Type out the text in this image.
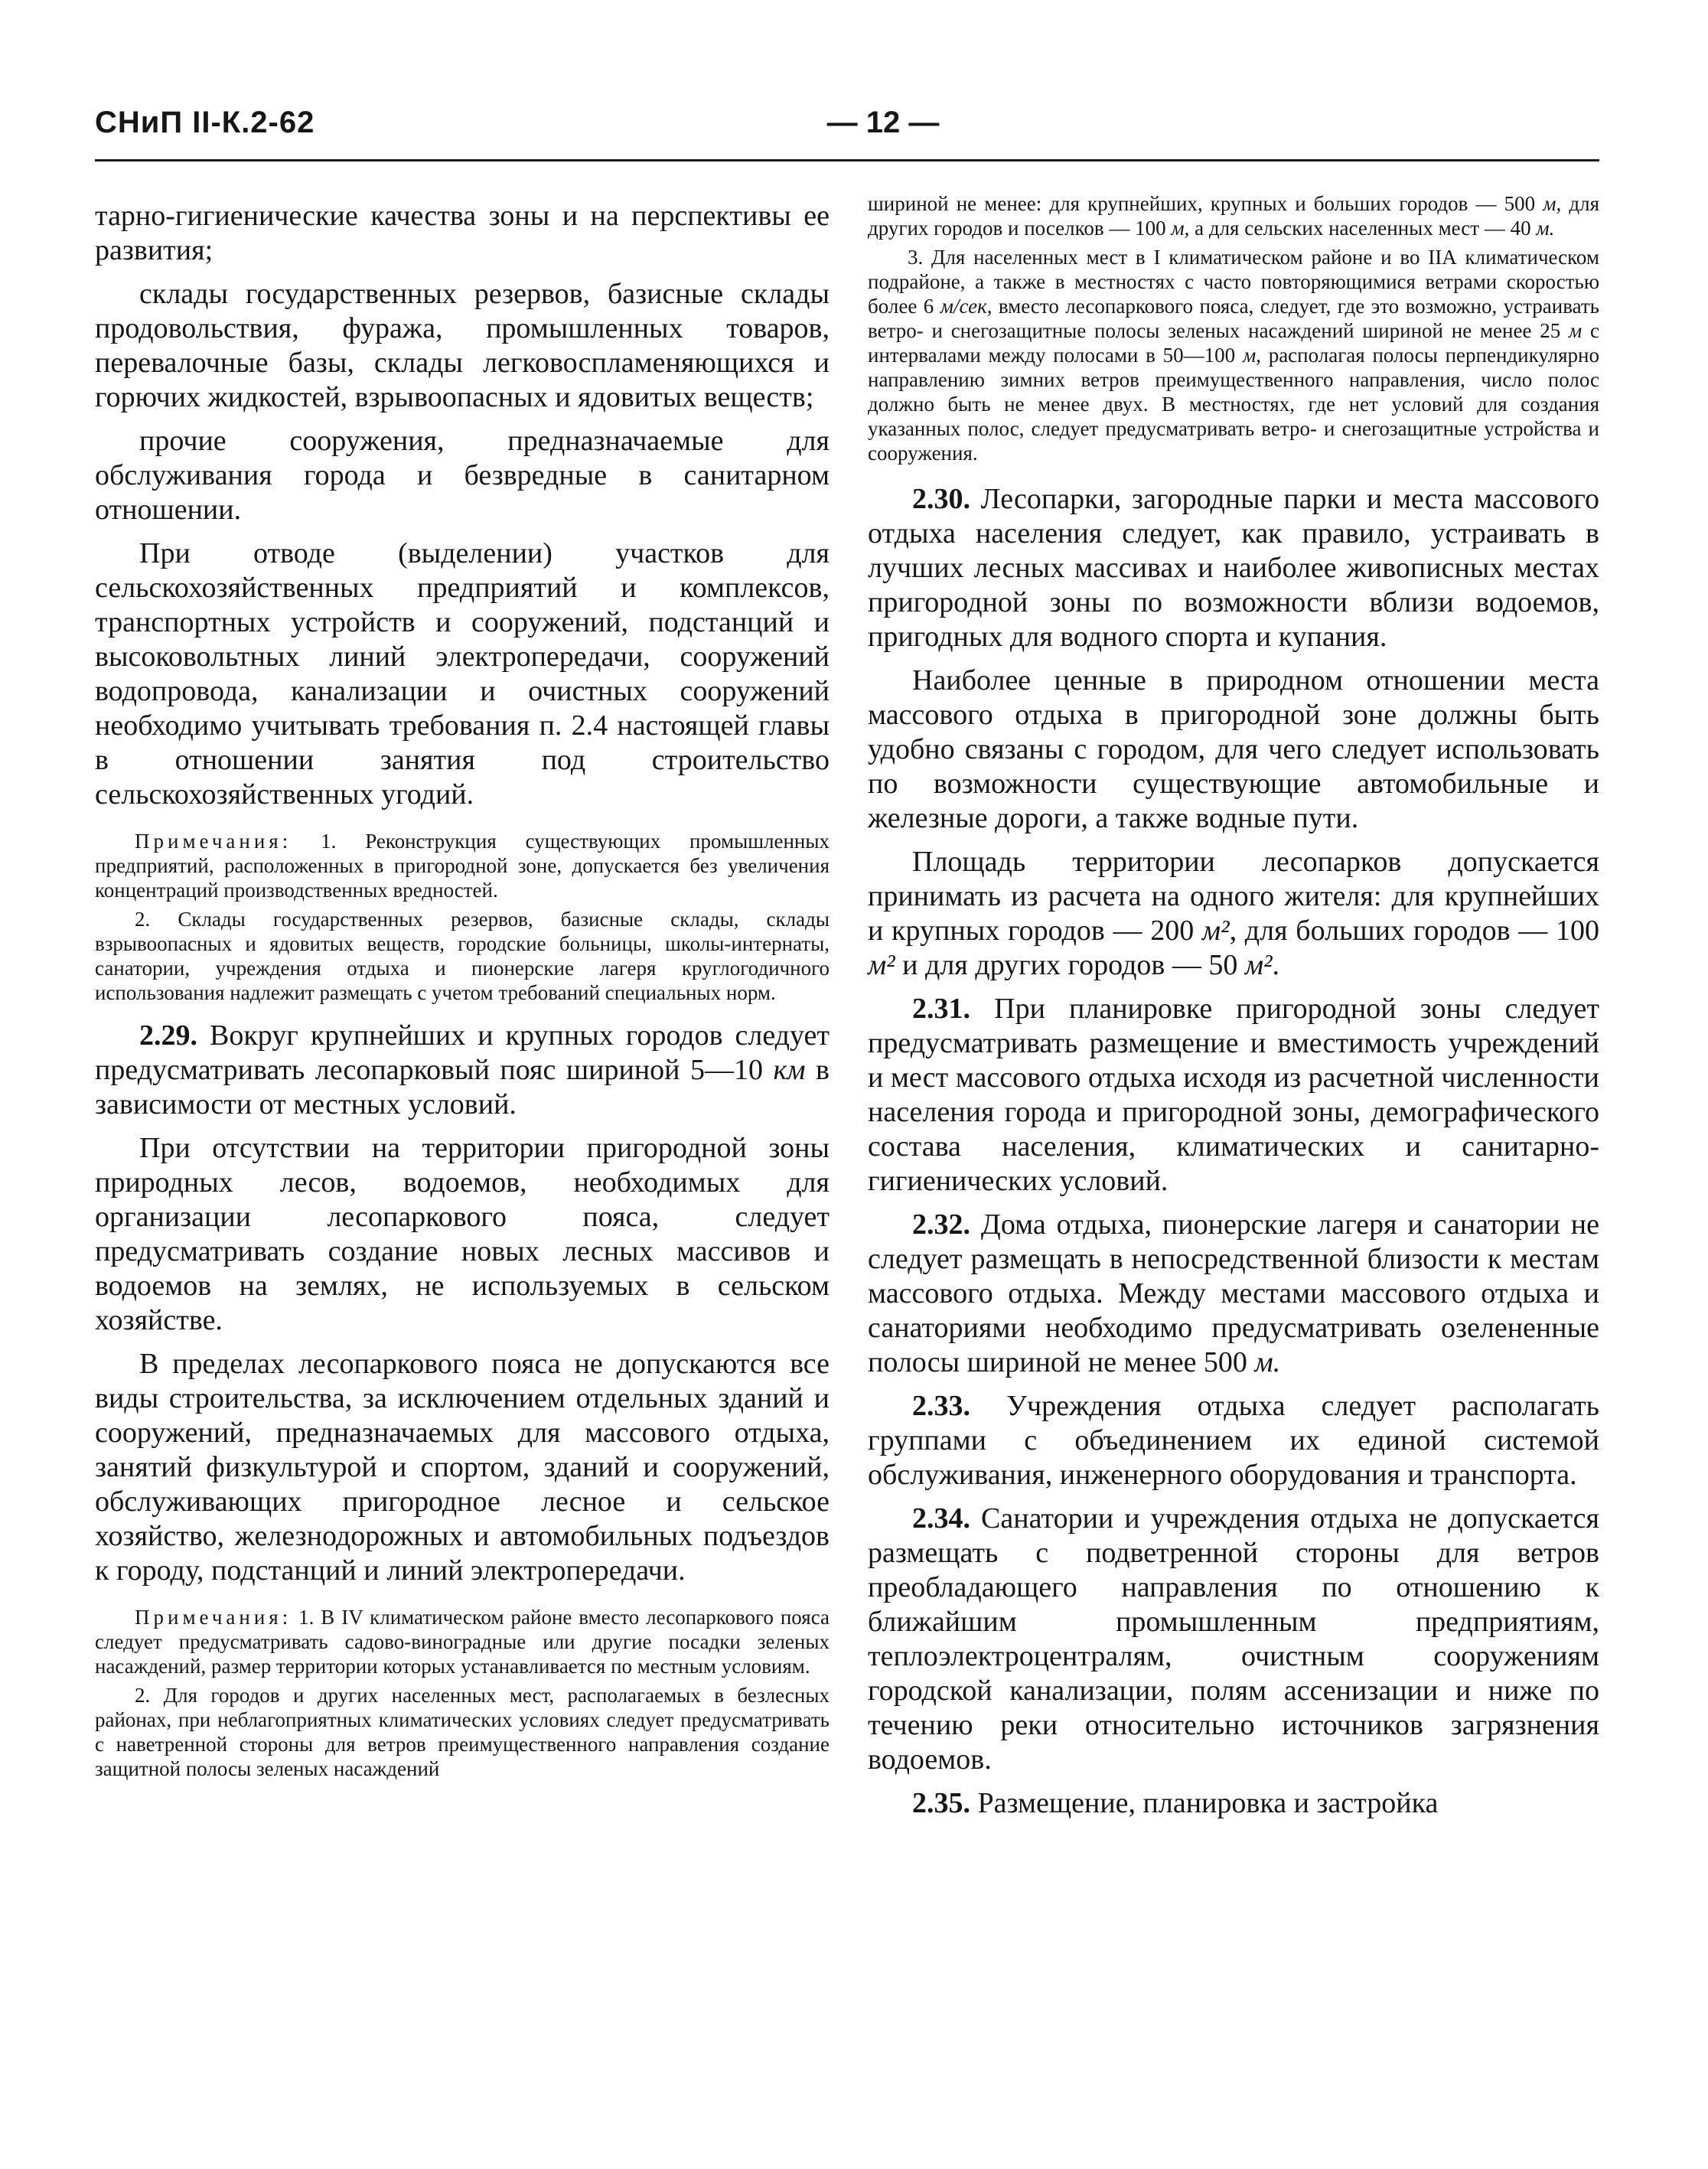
СНиП II-К.2-62	— 12 —

тарно-гигиенические качества зоны и на перспективы ее развития;

склады государственных резервов, базисные склады продовольствия, фуража, промышленных товаров, перевалочные базы, склады легковоспламеняющихся и горючих жидкостей, взрывоопасных и ядовитых веществ;

прочие сооружения, предназначаемые для обслуживания города и безвредные в санитарном отношении.

При отводе (выделении) участков для сельскохозяйственных предприятий и комплексов, транспортных устройств и сооружений, подстанций и высоковольтных линий электропередачи, сооружений водопровода, канализации и очистных сооружений необходимо учитывать требования п. 2.4 настоящей главы в отношении занятия под строительство сельскохозяйственных угодий.

Примечания: 1. Реконструкция существующих промышленных предприятий, расположенных в пригородной зоне, допускается без увеличения концентраций производственных вредностей.

2. Склады государственных резервов, базисные склады, склады взрывоопасных и ядовитых веществ, городские больницы, школы-интернаты, санатории, учреждения отдыха и пионерские лагеря круглогодичного использования надлежит размещать с учетом требований специальных норм.

2.29. Вокруг крупнейших и крупных городов следует предусматривать лесопарковый пояс шириной 5—10 км в зависимости от местных условий.

При отсутствии на территории пригородной зоны природных лесов, водоемов, необходимых для организации лесопаркового пояса, следует предусматривать создание новых лесных массивов и водоемов на землях, не используемых в сельском хозяйстве.

В пределах лесопаркового пояса не допускаются все виды строительства, за исключением отдельных зданий и сооружений, предназначаемых для массового отдыха, занятий физкультурой и спортом, зданий и сооружений, обслуживающих пригородное лесное и сельское хозяйство, железнодорожных и автомобильных подъездов к городу, подстанций и линий электропередачи.

Примечания: 1. В IV климатическом районе вместо лесопаркового пояса следует предусматривать садово-виноградные или другие посадки зеленых насаждений, размер территории которых устанавливается по местным условиям.

2. Для городов и других населенных мест, располагаемых в безлесных районах, при неблагоприятных климатических условиях следует предусматривать с наветренной стороны для ветров преимущественного направления создание защитной полосы зеленых насаждений

шириной не менее: для крупнейших, крупных и больших городов — 500 м, для других городов и поселков — 100 м, а для сельских населенных мест — 40 м.

3. Для населенных мест в I климатическом районе и во IIА климатическом подрайоне, а также в местностях с часто повторяющимися ветрами скоростью более 6 м/сек, вместо лесопаркового пояса, следует, где это возможно, устраивать ветро- и снегозащитные полосы зеленых насаждений шириной не менее 25 м с интервалами между полосами в 50—100 м, располагая полосы перпендикулярно направлению зимних ветров преимущественного направления, число полос должно быть не менее двух. В местностях, где нет условий для создания указанных полос, следует предусматривать ветро- и снегозащитные устройства и сооружения.

2.30. Лесопарки, загородные парки и места массового отдыха населения следует, как правило, устраивать в лучших лесных массивах и наиболее живописных местах пригородной зоны по возможности вблизи водоемов, пригодных для водного спорта и купания.

Наиболее ценные в природном отношении места массового отдыха в пригородной зоне должны быть удобно связаны с городом, для чего следует использовать по возможности существующие автомобильные и железные дороги, а также водные пути.

Площадь территории лесопарков допускается принимать из расчета на одного жителя: для крупнейших и крупных городов — 200 м², для больших городов — 100 м² и для других городов — 50 м².

2.31. При планировке пригородной зоны следует предусматривать размещение и вместимость учреждений и мест массового отдыха исходя из расчетной численности населения города и пригородной зоны, демографического состава населения, климатических и санитарно-гигиенических условий.

2.32. Дома отдыха, пионерские лагеря и санатории не следует размещать в непосредственной близости к местам массового отдыха. Между местами массового отдыха и санаториями необходимо предусматривать озелененные полосы шириной не менее 500 м.

2.33. Учреждения отдыха следует располагать группами с объединением их единой системой обслуживания, инженерного оборудования и транспорта.

2.34. Санатории и учреждения отдыха не допускается размещать с подветренной стороны для ветров преобладающего направления по отношению к ближайшим промышленным предприятиям, теплоэлектроцентралям, очистным сооружениям городской канализации, полям ассенизации и ниже по течению реки относительно источников загрязнения водоемов.

2.35. Размещение, планировка и застройка
